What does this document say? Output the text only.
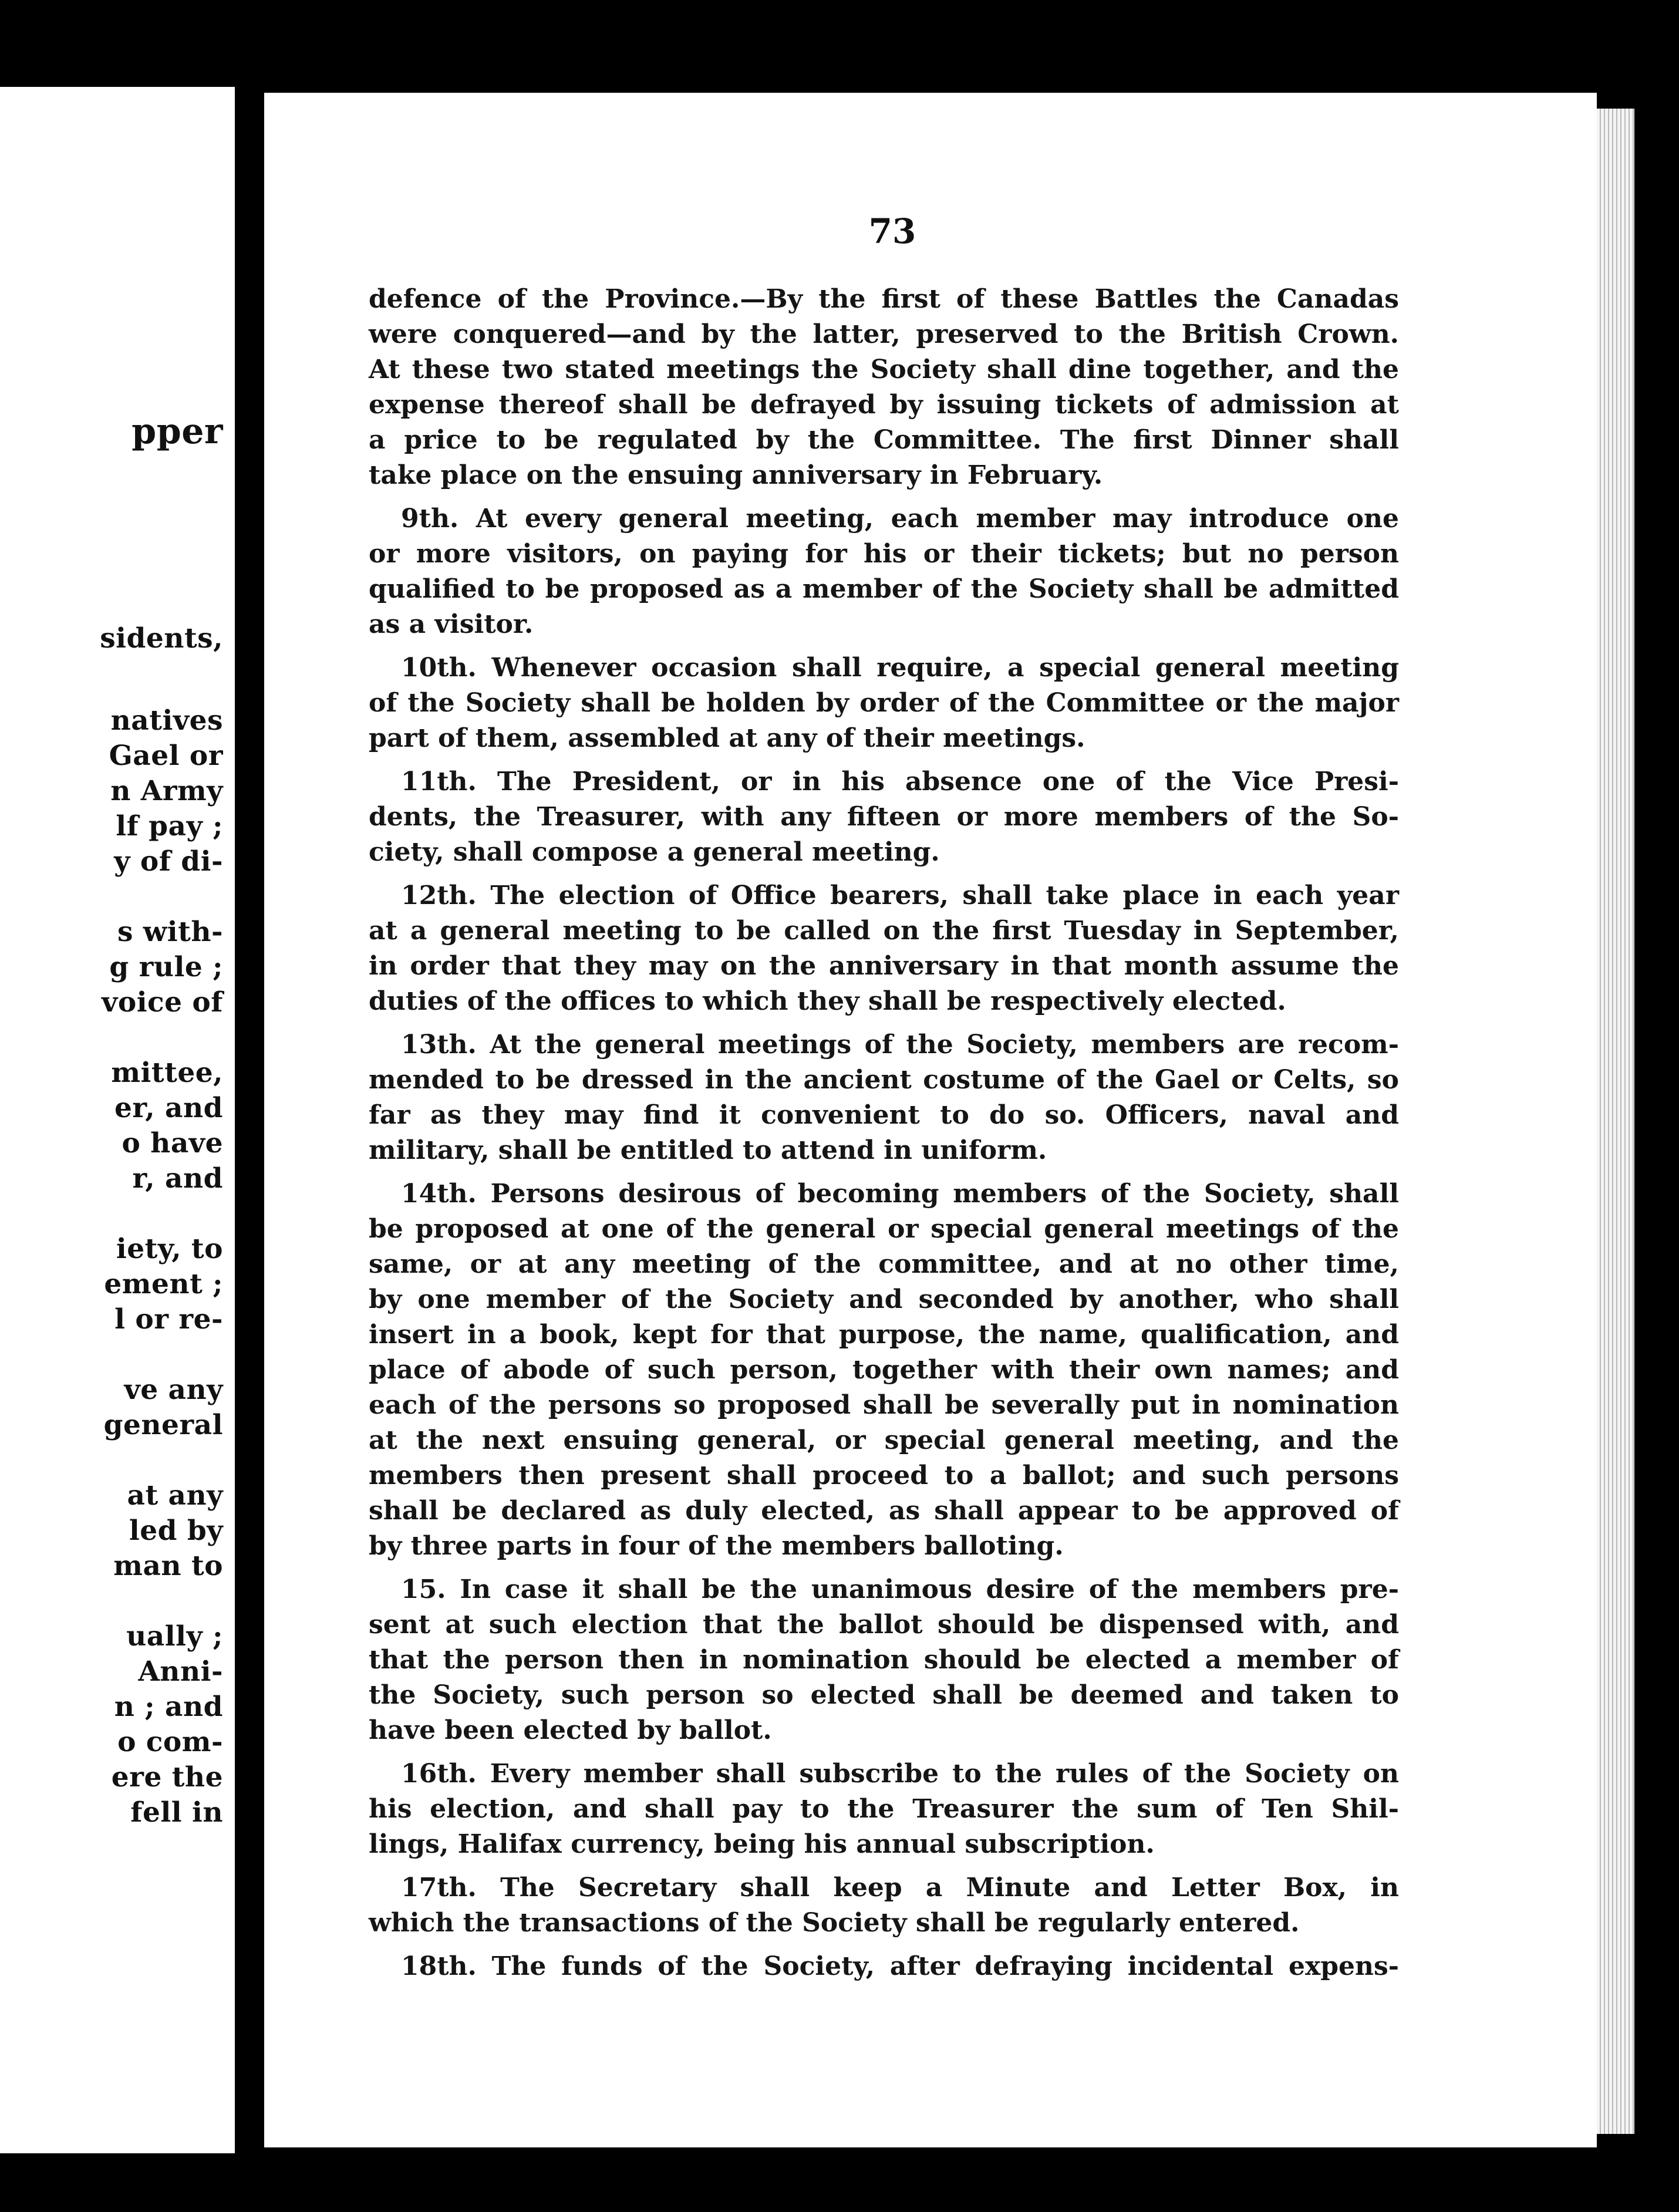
pper
sidents,
natives
Gael or
n Army
lf pay ;
y of di-
s with-
g rule ;
voice of
mittee,
er, and
o have
r, and
iety, to
ement ;
l or re-
ve any
general
at any
led by
man to
ually ;
Anni-
n ; and
o com-
ere the
fell in
73
defence of the Province.—By the first of these Battles the Canadas
were conquered—and by the latter, preserved to the British Crown.
At these two stated meetings the Society shall dine together, and the
expense thereof shall be defrayed by issuing tickets of admission at
a price to be regulated by the Committee. The first Dinner shall
take place on the ensuing anniversary in February.
9th. At every general meeting, each member may introduce one
or more visitors, on paying for his or their tickets; but no person
qualified to be proposed as a member of the Society shall be admitted
as a visitor.
10th. Whenever occasion shall require, a special general meeting
of the Society shall be holden by order of the Committee or the major
part of them, assembled at any of their meetings.
11th. The President, or in his absence one of the Vice Presi-
dents, the Treasurer, with any fifteen or more members of the So-
ciety, shall compose a general meeting.
12th. The election of Office bearers, shall take place in each year
at a general meeting to be called on the first Tuesday in September,
in order that they may on the anniversary in that month assume the
duties of the offices to which they shall be respectively elected.
13th. At the general meetings of the Society, members are recom-
mended to be dressed in the ancient costume of the Gael or Celts, so
far as they may find it convenient to do so. Officers, naval and
military, shall be entitled to attend in uniform.
14th. Persons desirous of becoming members of the Society, shall
be proposed at one of the general or special general meetings of the
same, or at any meeting of the committee, and at no other time,
by one member of the Society and seconded by another, who shall
insert in a book, kept for that purpose, the name, qualification, and
place of abode of such person, together with their own names; and
each of the persons so proposed shall be severally put in nomination
at the next ensuing general, or special general meeting, and the
members then present shall proceed to a ballot; and such persons
shall be declared as duly elected, as shall appear to be approved of
by three parts in four of the members balloting.
15. In case it shall be the unanimous desire of the members pre-
sent at such election that the ballot should be dispensed with, and
that the person then in nomination should be elected a member of
the Society, such person so elected shall be deemed and taken to
have been elected by ballot.
16th. Every member shall subscribe to the rules of the Society on
his election, and shall pay to the Treasurer the sum of Ten Shil-
lings, Halifax currency, being his annual subscription.
17th. The Secretary shall keep a Minute and Letter Box, in
which the transactions of the Society shall be regularly entered.
18th. The funds of the Society, after defraying incidental expens-
